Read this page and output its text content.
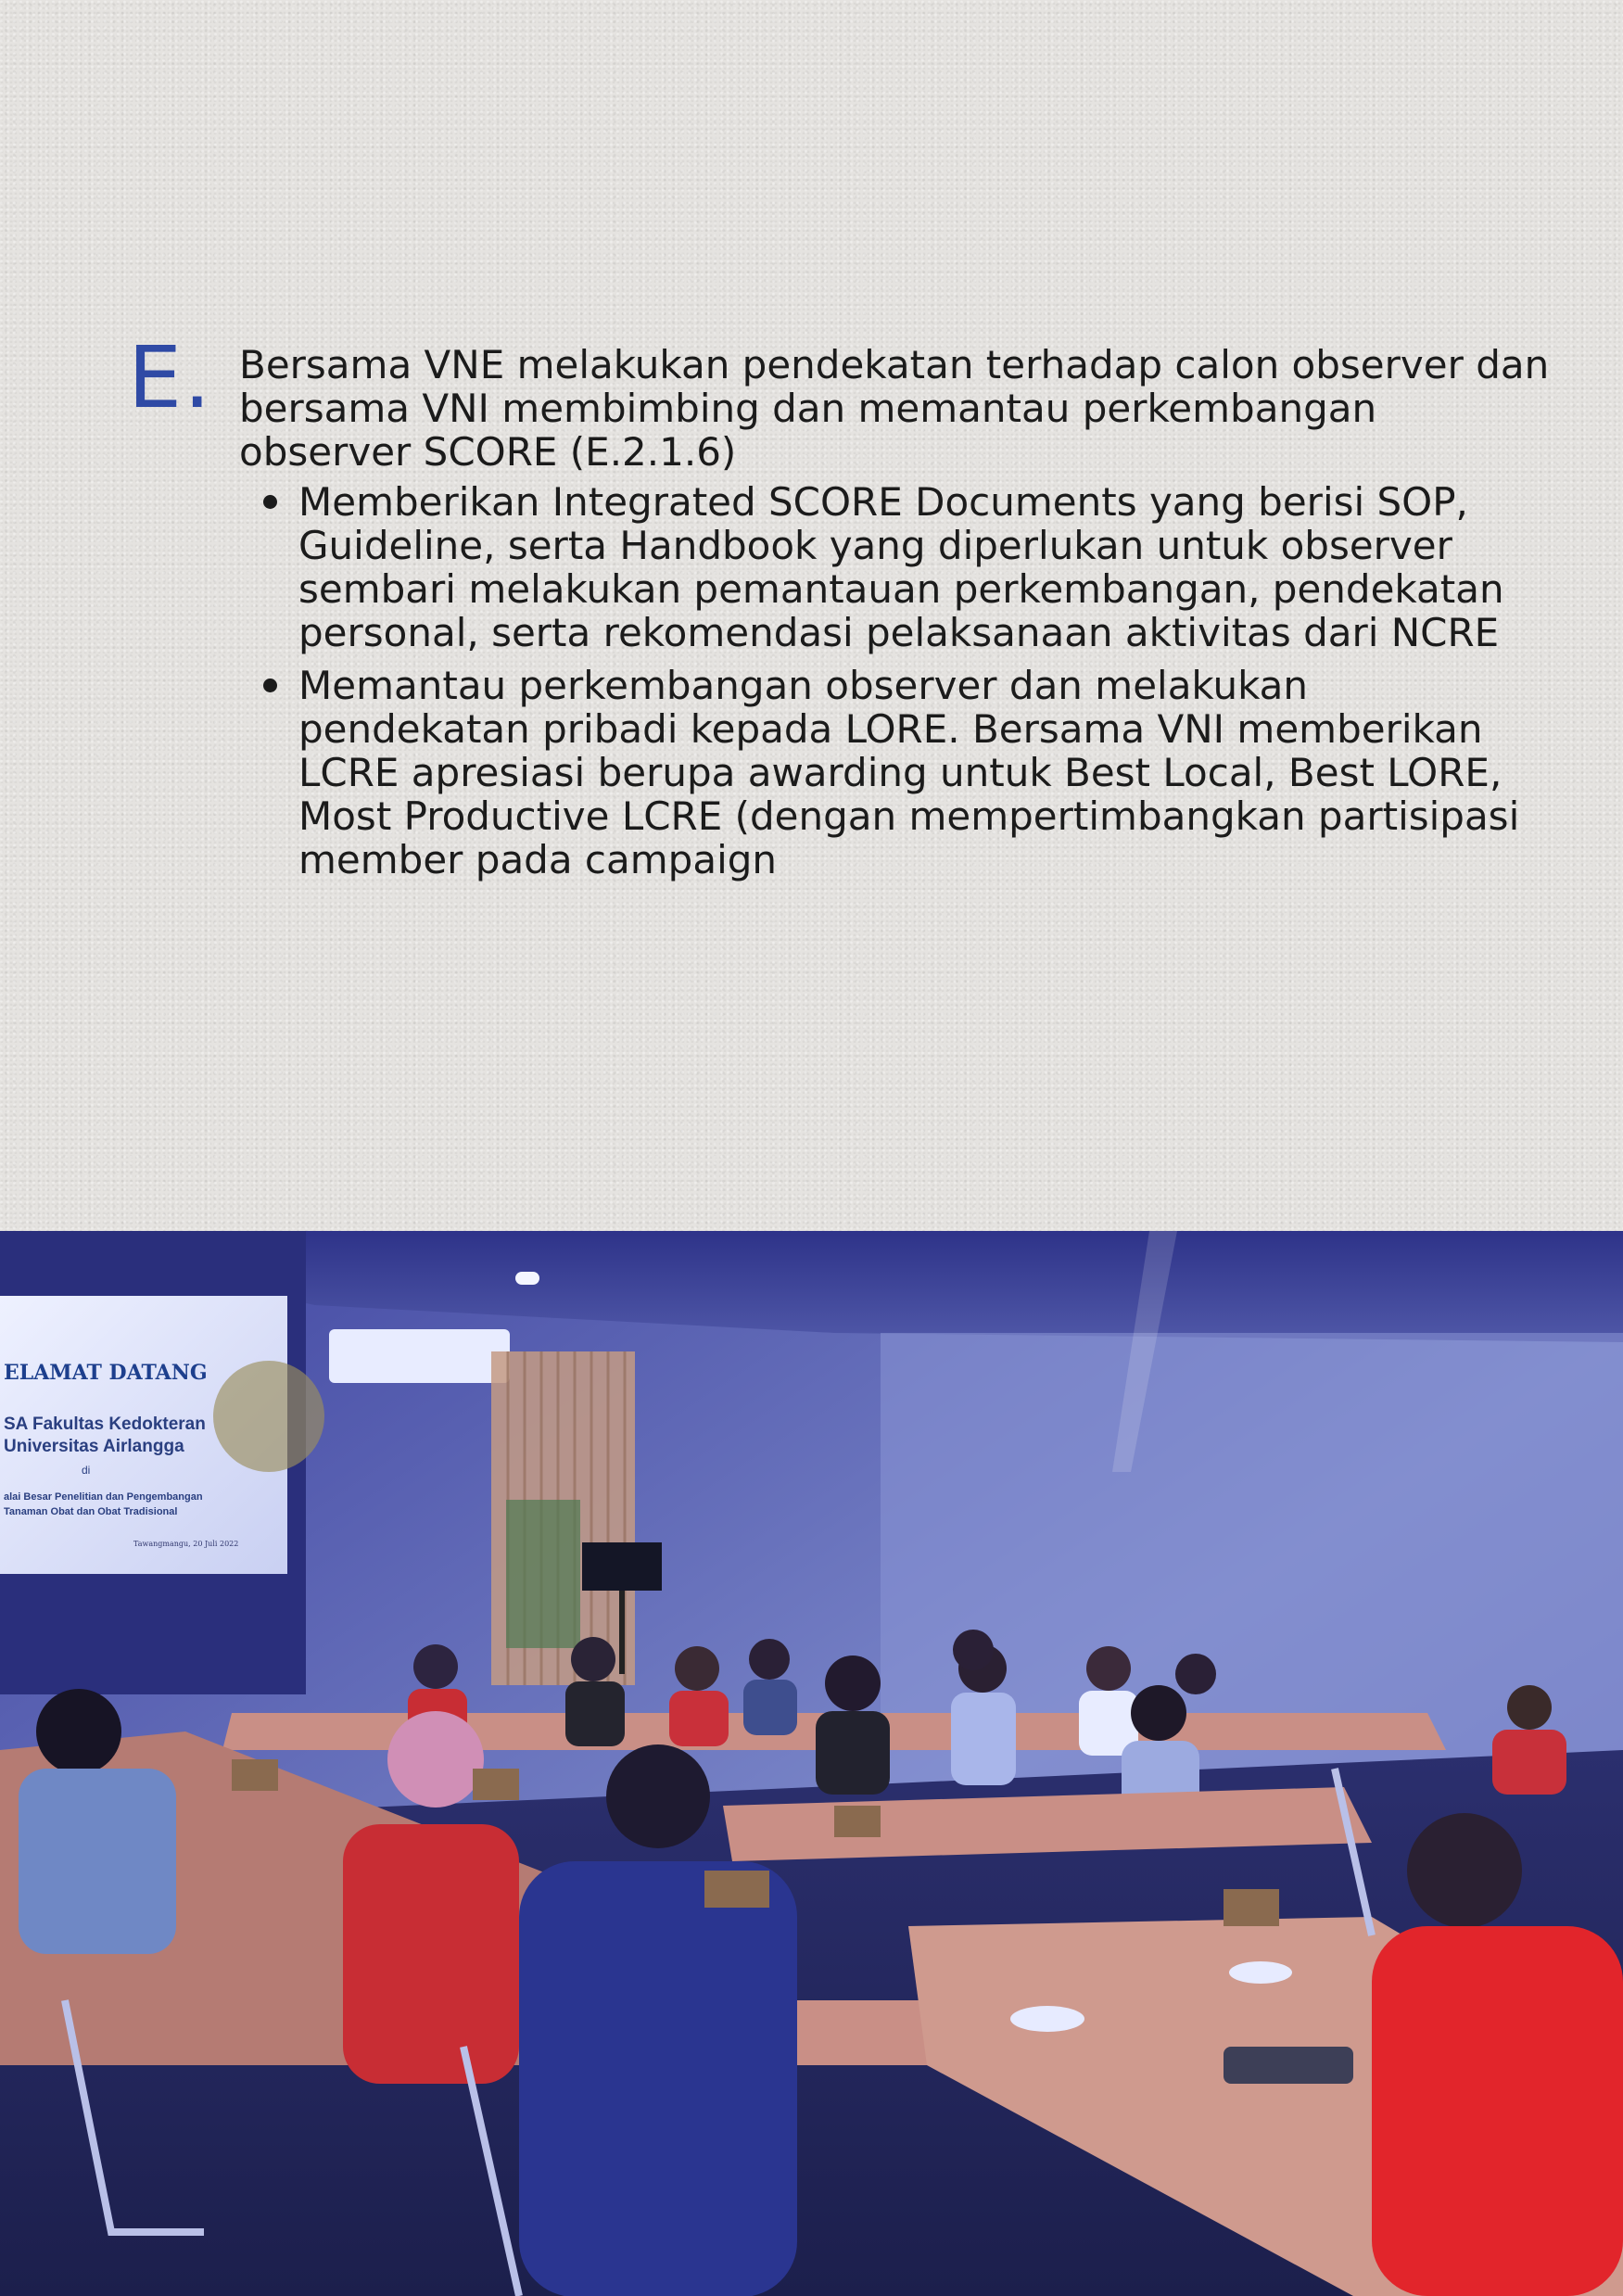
E. Bersama VNE melakukan pendekatan terhadap calon observer dan bersama VNI membimbing dan memantau perkembangan observer SCORE (E.2.1.6)

Memberikan Integrated SCORE Documents yang berisi SOP, Guideline, serta Handbook yang diperlukan untuk observer sembari melakukan pemantauan perkembangan, pendekatan personal, serta rekomendasi pelaksanaan aktivitas dari NCRE
Memantau perkembangan observer dan melakukan pendekatan pribadi kepada LORE. Bersama VNI memberikan LCRE apresiasi berupa awarding untuk Best Local, Best LORE, Most Productive LCRE (dengan mempertimbangkan partisipasi member pada campaign
ELAMAT DATANG
SA Fakultas Kedokteran
Universitas Airlangga
di
alai Besar Penelitian dan Pengembangan
Tanaman Obat dan Obat Tradisional
Tawangmangu, 20 Juli 2022
